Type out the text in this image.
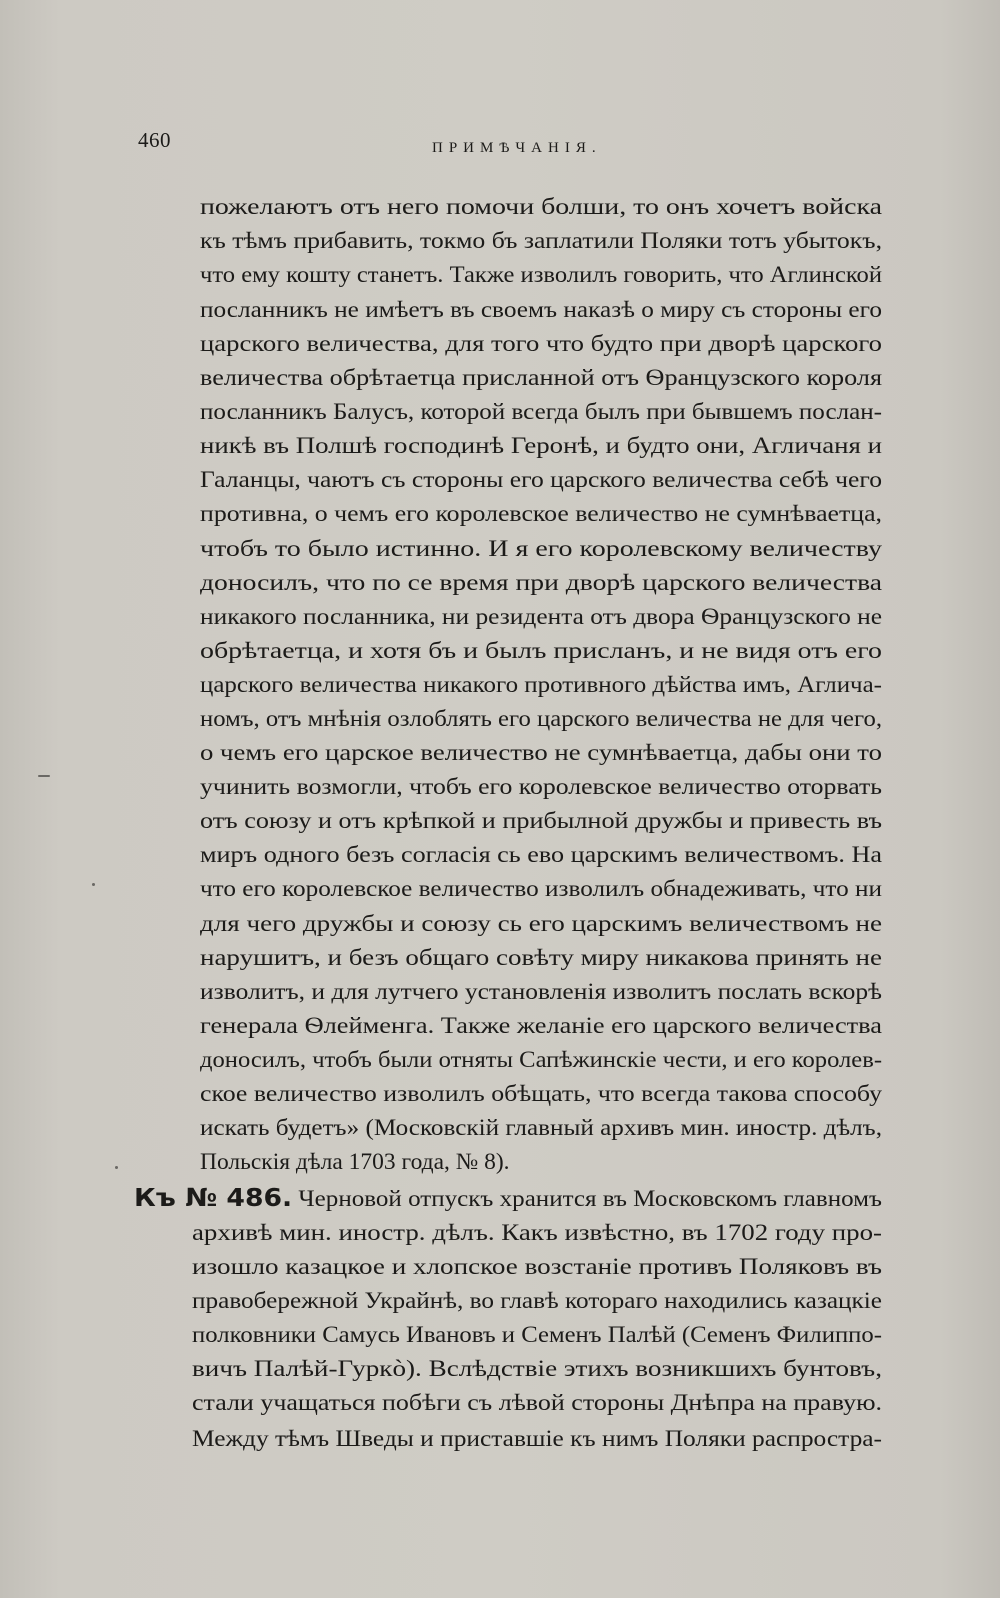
460	ПРИМѢЧАНІЯ.
пожелаютъ отъ него помочи болши, то онъ хочетъ войска
къ тѣмъ прибавить, токмо бъ заплатили Поляки тотъ убытокъ,
что ему кошту станетъ. Также изволилъ говорить, что Аглинской
посланникъ не имѣетъ въ своемъ наказѣ о миру съ стороны его
царского величества, для того что будто при дворѣ царского
величества обрѣтаетца присланной отъ Ѳранцузского короля
посланникъ Балусъ, которой всегда былъ при бывшемъ послан-
никѣ въ Полшѣ господинѣ Геронѣ, и будто они, Агличаня и
Галанцы, чаютъ съ стороны его царского величества себѣ чего
противна, о чемъ его королевское величество не сумнѣваетца,
чтобъ то было истинно. И я его королевскому величеству
доносилъ, что по се время при дворѣ царского величества
никакого посланника, ни резидента отъ двора Ѳранцузского не
обрѣтаетца, и хотя бъ и былъ присланъ, и не видя отъ его
царского величества никакого противного дѣйства имъ, Аглича-
номъ, отъ мнѣнія озлоблять его царского величества не для чего,
о чемъ его царское величество не сумнѣваетца, дабы они то
учинить возмогли, чтобъ его королевское величество оторвать
отъ союзу и отъ крѣпкой и прибылной дружбы и привесть въ
миръ одного безъ согласія сь ево царскимъ величествомъ. На
что его королевское величество изволилъ обнадеживать, что ни
для чего дружбы и союзу сь его царскимъ величествомъ не
нарушитъ, и безъ общаго совѣту миру никакова принять не
изволитъ, и для лутчего установленія изволитъ послать вскорѣ
генерала Ѳлейменга. Также желаніе его царского величества
доносилъ, чтобъ были отняты Сапѣжинскіе чести, и его королев-
ское величество изволилъ обѣщать, что всегда такова способу
искать будетъ» (Московскій главный архивъ мин. иностр. дѣлъ,
Польскія дѣла 1703 года, № 8).
Къ № 486. Черновой отпускъ хранится въ Московскомъ главномъ
архивѣ мин. иностр. дѣлъ. Какъ извѣстно, въ 1702 году про-
изошло казацкое и хлопское возстаніе противъ Поляковъ въ
правобережной Украйнѣ, во главѣ котораго находились казацкіе
полковники Самусь Ивановъ и Семенъ Палѣй (Семенъ Филиппо-
вичъ Палѣй-Гуркò). Вслѣдствіе этихъ возникшихъ бунтовъ,
стали учащаться побѣги съ лѣвой стороны Днѣпра на правую.
Между тѣмъ Шведы и приставшіе къ нимъ Поляки распростра-
